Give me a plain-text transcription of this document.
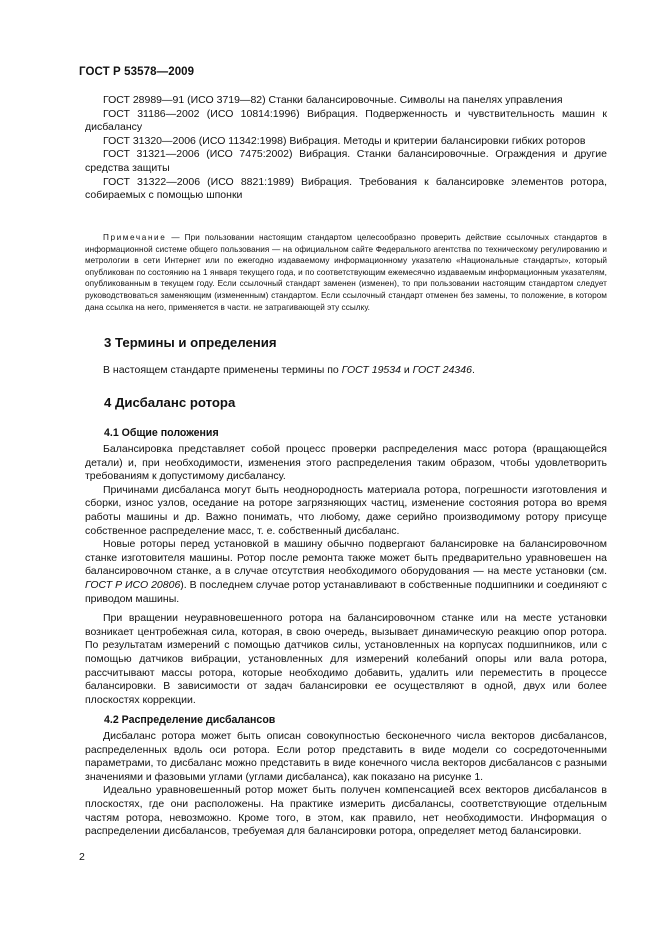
ГОСТ Р 53578—2009

ГОСТ 28989—91 (ИСО 3719—82) Станки балансировочные. Символы на панелях управления

ГОСТ 31186—2002 (ИСО 10814:1996) Вибрация. Подверженность и чувствительность машин к дисбалансу

ГОСТ 31320—2006 (ИСО 11342:1998) Вибрация. Методы и критерии балансировки гибких роторов

ГОСТ 31321—2006 (ИСО 7475:2002) Вибрация. Станки балансировочные. Ограждения и другие средства защиты

ГОСТ 31322—2006 (ИСО 8821:1989) Вибрация. Требования к балансировке элементов ротора, собираемых с помощью шпонки

Примечание — При пользовании настоящим стандартом целесообразно проверить действие ссылочных стандартов в информационной системе общего пользования — на официальном сайте Федерального агентства по техническому регулированию и метрологии в сети Интернет или по ежегодно издаваемому информационному указателю «Национальные стандарты», который опубликован по состоянию на 1 января текущего года, и по соответствующим ежемесячно издаваемым информационным указателям, опубликованным в текущем году. Если ссылочный стандарт заменен (изменен), то при пользовании настоящим стандартом следует руководствоваться заменяющим (измененным) стандартом. Если ссылочный стандарт отменен без замены, то положение, в котором дана ссылка на него, применяется в части. не затрагивающей эту ссылку.

3 Термины и определения

В настоящем стандарте применены термины по ГОСТ 19534 и ГОСТ 24346.

4 Дисбаланс ротора
4.1 Общие положения

Балансировка представляет собой процесс проверки распределения масс ротора (вращающейся детали) и, при необходимости, изменения этого распределения таким образом, чтобы удовлетворить требованиям к допустимому дисбалансу.

Причинами дисбаланса могут быть неоднородность материала ротора, погрешности изготовления и сборки, износ узлов, оседание на роторе загрязняющих частиц, изменение состояния ротора во время работы машины и др. Важно понимать, что любому, даже серийно производимому ротору присуще собственное распределение масс, т. е. собственный дисбаланс.

Новые роторы перед установкой в машину обычно подвергают балансировке на балансировочном станке изготовителя машины. Ротор после ремонта также может быть предварительно уравновешен на балансировочном станке, а в случае отсутствия необходимого оборудования — на месте установки (см. ГОСТ Р ИСО 20806). В последнем случае ротор устанавливают в собственные подшипники и соединяют с приводом машины.

При вращении неуравновешенного ротора на балансировочном станке или на месте установки возникает центробежная сила, которая, в свою очередь, вызывает динамическую реакцию опор ротора. По результатам измерений с помощью датчиков силы, установленных на корпусах подшипников, или с помощью датчиков вибрации, установленных для измерений колебаний опоры или вала ротора, рассчитывают массы ротора, которые необходимо добавить, удалить или переместить в процессе балансировки. В зависимости от задач балансировки ее осуществляют в одной, двух или более плоскостях коррекции.

4.2 Распределение дисбалансов

Дисбаланс ротора может быть описан совокупностью бесконечного числа векторов дисбалансов, распределенных вдоль оси ротора. Если ротор представить в виде модели со сосредоточенными параметрами, то дисбаланс можно представить в виде конечного числа векторов дисбалансов с разными значениями и фазовыми углами (углами дисбаланса), как показано на рисунке 1.

Идеально уравновешенный ротор может быть получен компенсацией всех векторов дисбалансов в плоскостях, где они расположены. На практике измерить дисбалансы, соответствующие отдельным частям ротора, невозможно. Кроме того, в этом, как правило, нет необходимости. Информация о распределении дисбалансов, требуемая для балансировки ротора, определяет метод балансировки.

2
